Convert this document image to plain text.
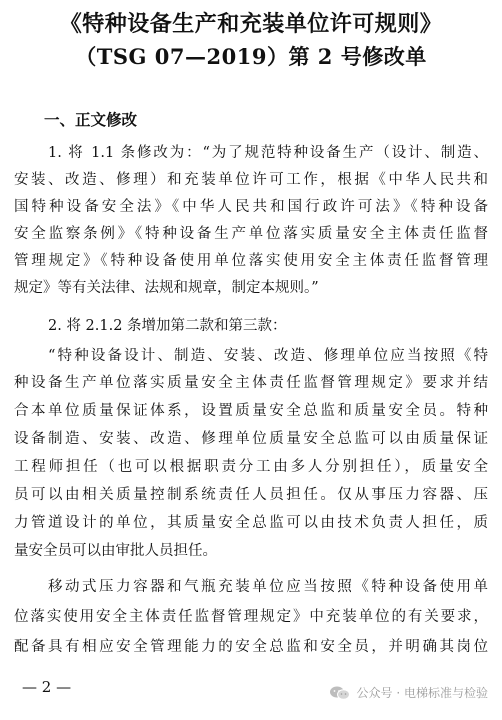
《特种设备生产和充装单位许可规则》
（TSG 07—2019）第 2 号修改单
一、正文修改
1. 将 1.1 条修改为：“为了规范特种设备生产（设计、制造、
安装、改造、修理）和充装单位许可工作，根据《中华人民共和
国特种设备安全法》《中华人民共和国行政许可法》《特种设备
安全监察条例》《特种设备生产单位落实质量安全主体责任监督
管理规定》《特种设备使用单位落实使用安全主体责任监督管理
规定》等有关法律、法规和规章，制定本规则。”
2. 将 2.1.2 条增加第二款和第三款：
“特种设备设计、制造、安装、改造、修理单位应当按照《特
种设备生产单位落实质量安全主体责任监督管理规定》要求并结
合本单位质量保证体系，设置质量安全总监和质量安全员。特种
设备制造、安装、改造、修理单位质量安全总监可以由质量保证
工程师担任（也可以根据职责分工由多人分别担任），质量安全
员可以由相关质量控制系统责任人员担任。仅从事压力容器、压
力管道设计的单位，其质量安全总监可以由技术负责人担任，质
量安全员可以由审批人员担任。
移动式压力容器和气瓶充装单位应当按照《特种设备使用单
位落实使用安全主体责任监督管理规定》中充装单位的有关要求，
配备具有相应安全管理能力的安全总监和安全员，并明确其岗位
— 2 —	公众号 · 电梯标准与检验
